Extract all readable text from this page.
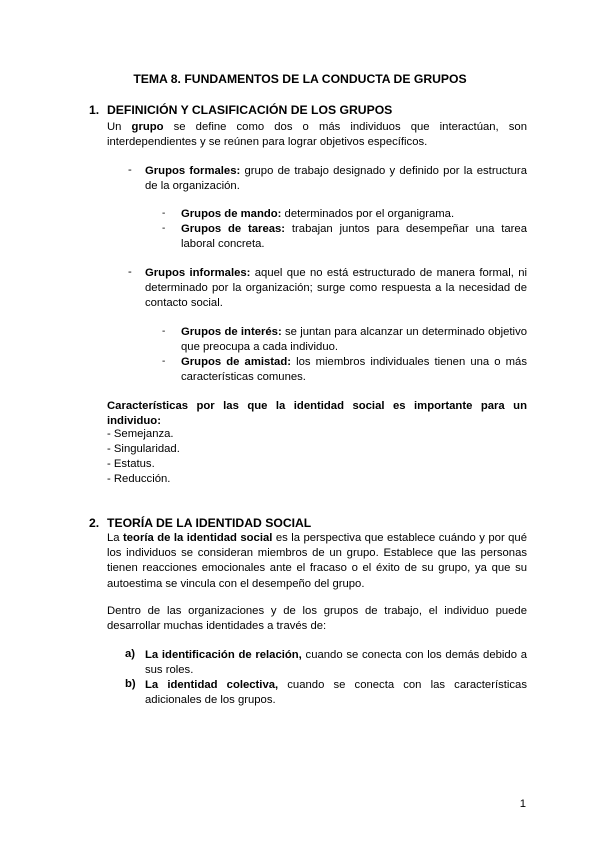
TEMA 8. FUNDAMENTOS DE LA CONDUCTA DE GRUPOS
1. DEFINICIÓN Y CLASIFICACIÓN DE LOS GRUPOS
Un grupo se define como dos o más individuos que interactúan, son interdependientes y se reúnen para lograr objetivos específicos.
- Grupos formales: grupo de trabajo designado y definido por la estructura de la organización.
- Grupos de mando: determinados por el organigrama.
- Grupos de tareas: trabajan juntos para desempeñar una tarea laboral concreta.
- Grupos informales: aquel que no está estructurado de manera formal, ni determinado por la organización; surge como respuesta a la necesidad de contacto social.
- Grupos de interés: se juntan para alcanzar un determinado objetivo que preocupa a cada individuo.
- Grupos de amistad: los miembros individuales tienen una o más características comunes.
Características por las que la identidad social es importante para un individuo:
- Semejanza.
- Singularidad.
- Estatus.
- Reducción.
2. TEORÍA DE LA IDENTIDAD SOCIAL
La teoría de la identidad social es la perspectiva que establece cuándo y por qué los individuos se consideran miembros de un grupo. Establece que las personas tienen reacciones emocionales ante el fracaso o el éxito de su grupo, ya que su autoestima se vincula con el desempeño del grupo.
Dentro de las organizaciones y de los grupos de trabajo, el individuo puede desarrollar muchas identidades a través de:
a) La identificación de relación, cuando se conecta con los demás debido a sus roles.
b) La identidad colectiva, cuando se conecta con las características adicionales de los grupos.
1
